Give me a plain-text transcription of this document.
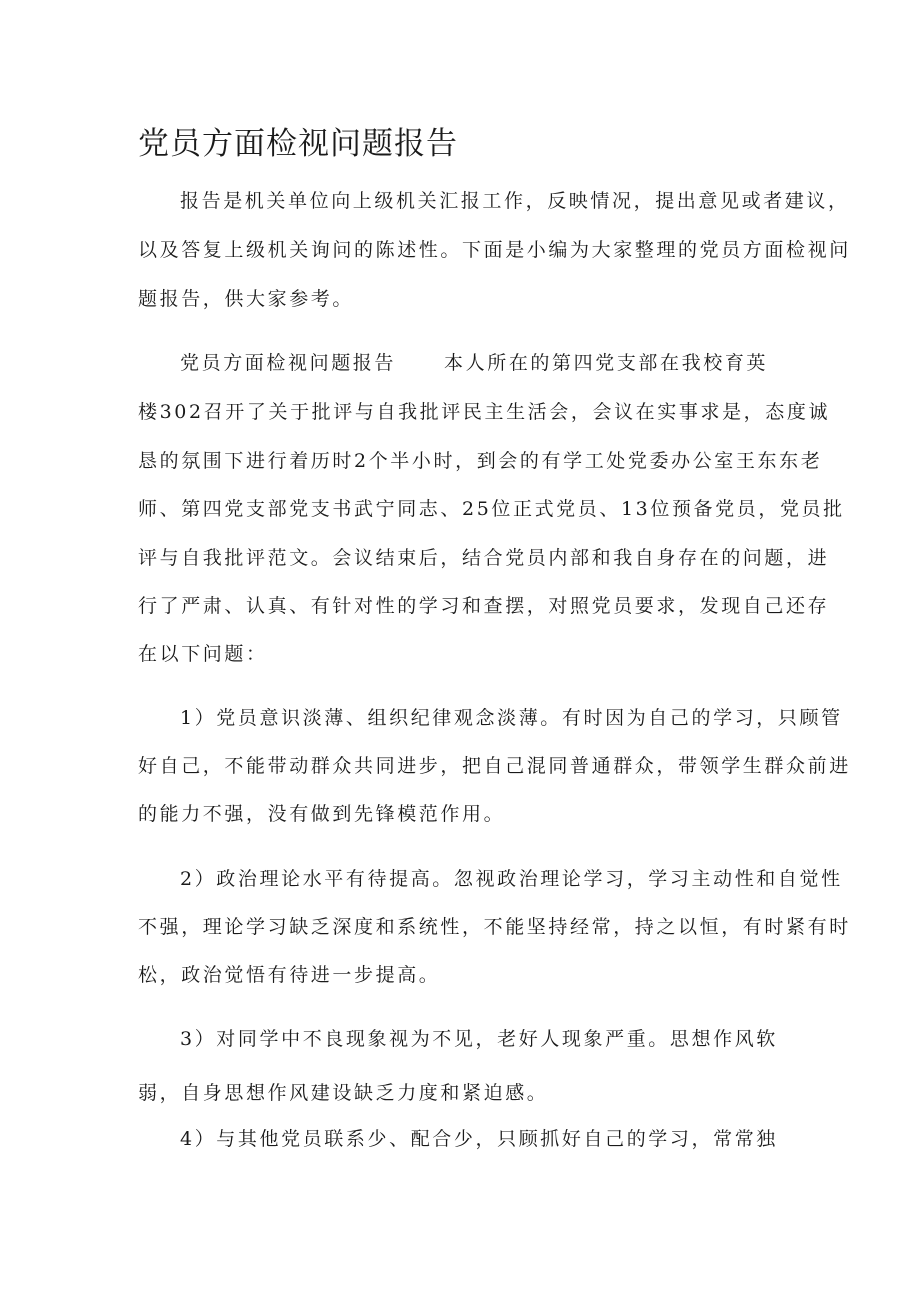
党员方面检视问题报告
报告是机关单位向上级机关汇报工作，反映情况，提出意见或者建议，
以及答复上级机关询问的陈述性。下面是小编为大家整理的党员方面检视问
题报告，供大家参考。
党员方面检视问题报告	本人所在的第四党支部在我校育英
楼302召开了关于批评与自我批评民主生活会，会议在实事求是，态度诚
恳的氛围下进行着历时2个半小时，到会的有学工处党委办公室王东东老
师、第四党支部党支书武宁同志、25位正式党员、13位预备党员，党员批
评与自我批评范文。会议结束后，结合党员内部和我自身存在的问题，进
行了严肃、认真、有针对性的学习和查摆，对照党员要求，发现自己还存
在以下问题：
1）党员意识淡薄、组织纪律观念淡薄。有时因为自己的学习，只顾管
好自己，不能带动群众共同进步，把自己混同普通群众，带领学生群众前进
的能力不强，没有做到先锋模范作用。
2）政治理论水平有待提高。忽视政治理论学习，学习主动性和自觉性
不强，理论学习缺乏深度和系统性，不能坚持经常，持之以恒，有时紧有时
松，政治觉悟有待进一步提高。
3）对同学中不良现象视为不见，老好人现象严重。思想作风软
弱，自身思想作风建设缺乏力度和紧迫感。
4）与其他党员联系少、配合少，只顾抓好自己的学习，常常独
